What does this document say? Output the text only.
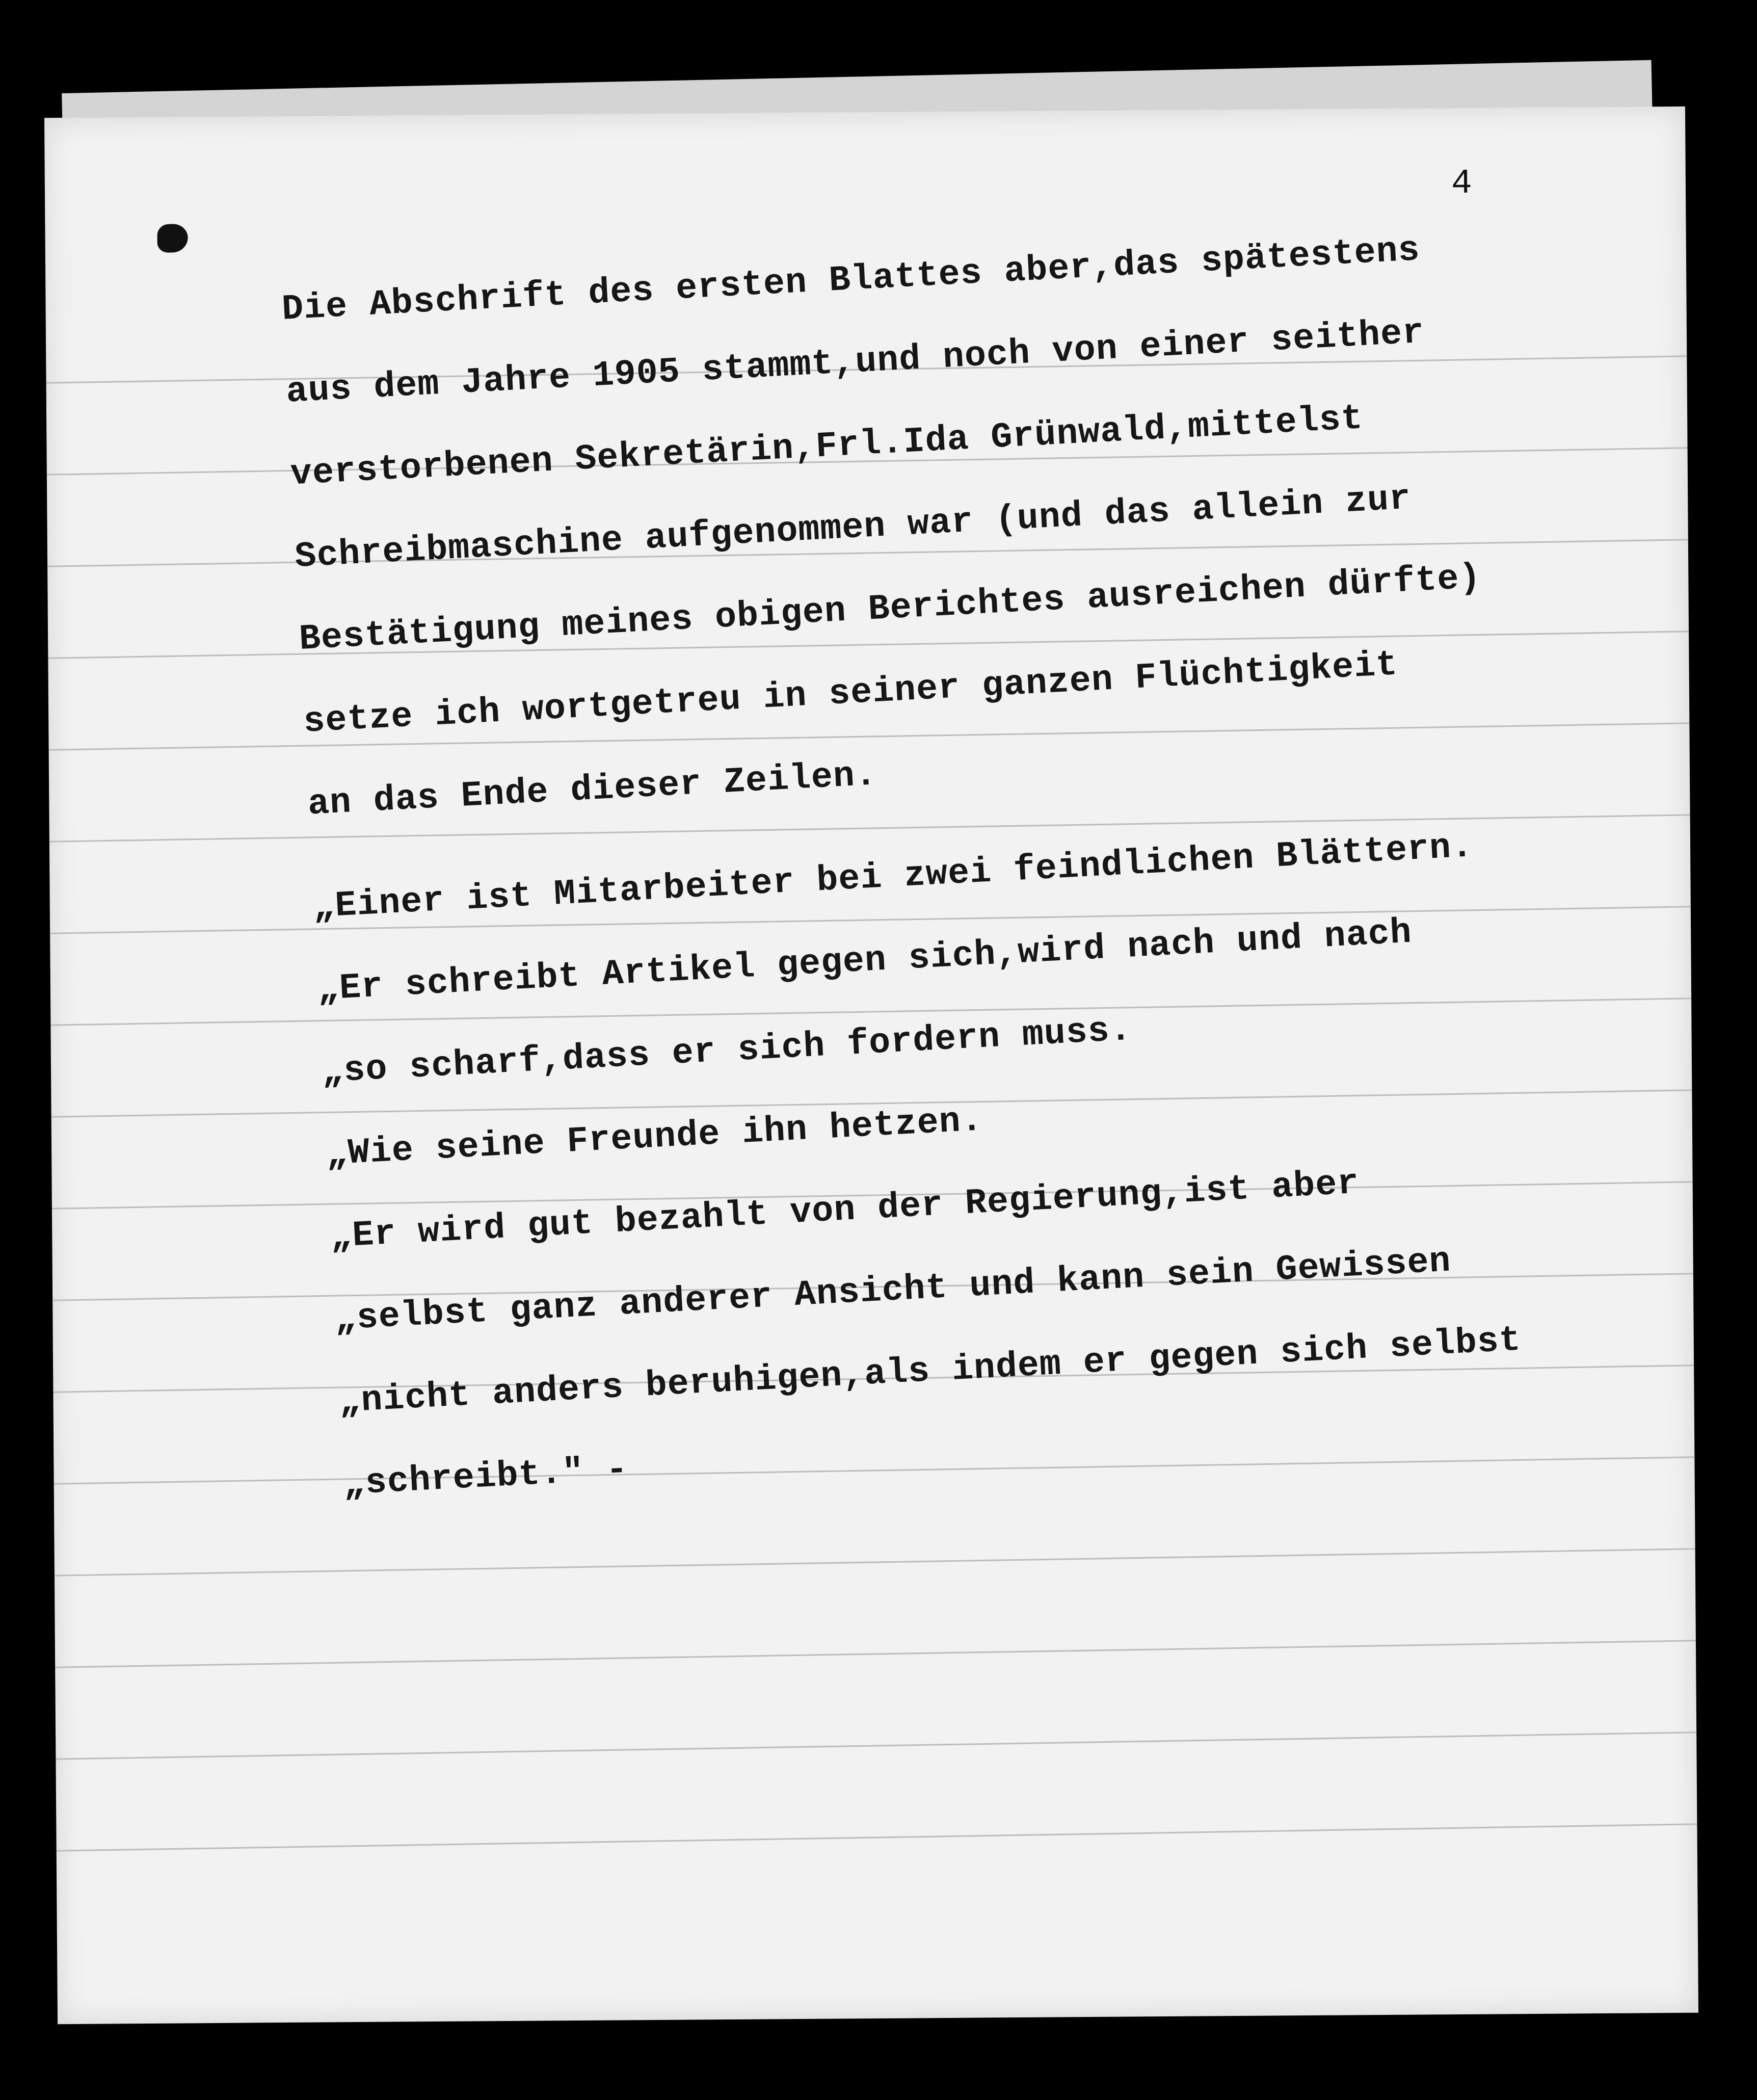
4
Die Abschrift des ersten Blattes aber,das spätestens
aus dem Jahre 1905 stammt,und noch von einer seither
verstorbenen Sekretärin,Frl.Ida Grünwald,mittelst
Schreibmaschine aufgenommen war (und das allein zur
Bestätigung meines obigen Berichtes ausreichen dürfte)
setze ich wortgetreu in seiner ganzen Flüchtigkeit
an das Ende dieser Zeilen.
„Einer ist Mitarbeiter bei zwei feindlichen Blättern.
„Er schreibt Artikel gegen sich,wird nach und nach
„so scharf,dass er sich fordern muss.
„Wie seine Freunde ihn hetzen.
„Er wird gut bezahlt von der Regierung,ist aber
„selbst ganz anderer Ansicht und kann sein Gewissen
„nicht anders beruhigen,als indem er gegen sich selbst
„schreibt." -
